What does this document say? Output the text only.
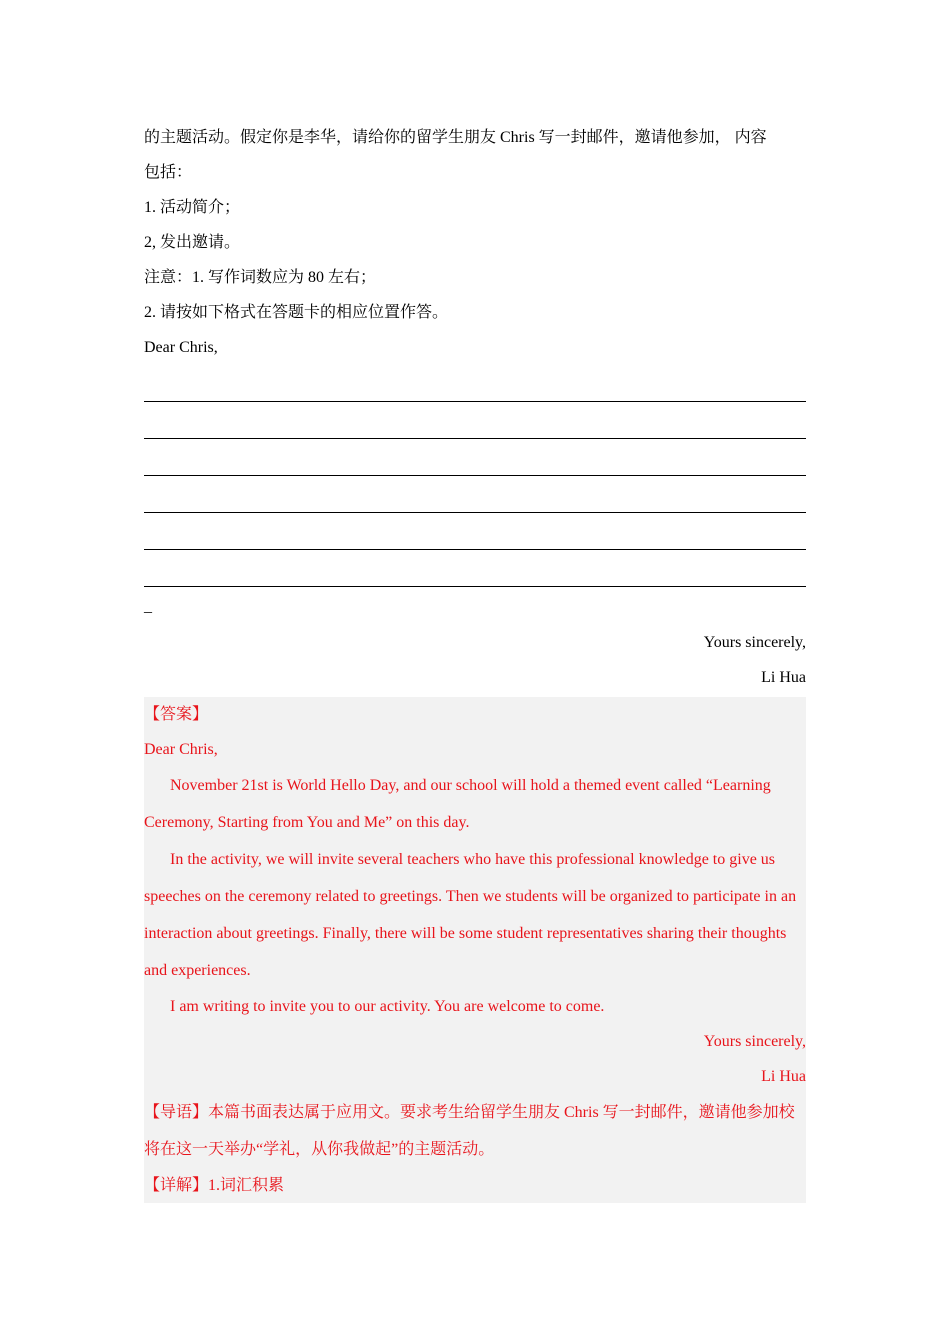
的主题活动。假定你是李华，请给你的留学生朋友 Chris 写一封邮件，邀请他参加， 内容
包括：
1. 活动简介；
2, 发出邀请。
注意：1. 写作词数应为 80 左右；
2. 请按如下格式在答题卡的相应位置作答。
Dear Chris,
_
Yours sincerely,
Li Hua
【答案】
Dear Chris,
November 21st is World Hello Day, and our school will hold a themed event called “Learning Ceremony, Starting from You and Me” on this day.
In the activity, we will invite several teachers who have this professional knowledge to give us speeches on the ceremony related to greetings. Then we students will be organized to participate in an interaction about greetings. Finally, there will be some student representatives sharing their thoughts and experiences.
I am writing to invite you to our activity. You are welcome to come.
Yours sincerely,
Li Hua
【导语】本篇书面表达属于应用文。要求考生给留学生朋友 Chris 写一封邮件，邀请他参加校将在这一天举办“学礼，从你我做起”的主题活动。
【详解】1.词汇积累
